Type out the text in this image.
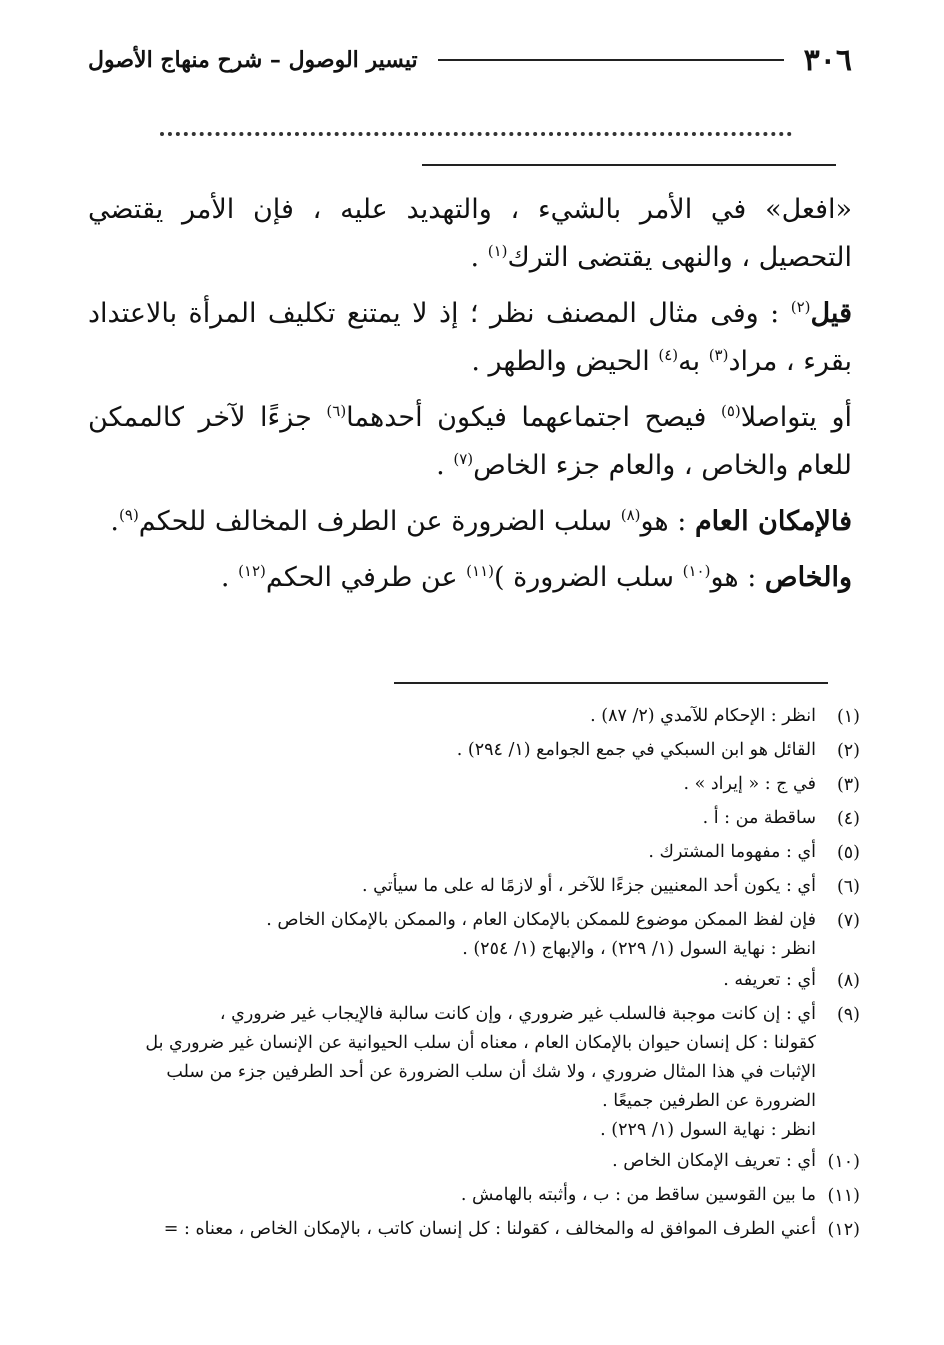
٣٠٦
تيسير الوصول – شرح منهاج الأصول

«افعل» في الأمر بالشيء ، والتهديد عليه ، فإن الأمر يقتضي التحصيل ، والنهى يقتضى الترك$^{(١)}$ .

قيل$^{(٢)}$ : وفى مثال المصنف نظر ؛ إذ لا يمتنع تكليف المرأة بالاعتداد بقرء ، مراد$^{(٣)}$ به$^{(٤)}$ الحيض والطهر .

أو يتواصلا$^{(٥)}$ فيصح اجتماعهما فيكون أحدهما$^{(٦)}$ جزءًا لآخر كالممكن للعام والخاص ، والعام جزء الخاص$^{(٧)}$ .

فالإمكان العام : هو$^{(٨)}$ سلب الضرورة عن الطرف المخالف للحكم$^{(٩)}$.

والخاص : هو$^{(١٠)}$ سلب الضرورة )$^{(١١)}$ عن طرفي الحكم$^{(١٢)}$ .

(١)
انظر : الإحكام للآمدي (٢/ ٨٧) .
(٢)
القائل هو ابن السبكي في جمع الجوامع (١/ ٢٩٤) .
(٣)
في ج : « إيراد » .
(٤)
ساقطة من : أ .
(٥)
أي : مفهوما المشترك .
(٦)
أي : يكون أحد المعنيين جزءًا للآخر ، أو لازمًا له على ما سيأتي .
(٧)
فإن لفظ الممكن موضوع للممكن بالإمكان العام ، والممكن بالإمكان الخاص .
انظر : نهاية السول (١/ ٢٢٩) ، والإبهاج (١/ ٢٥٤) .
(٨)
أي : تعريفه .
(٩)
أي : إن كانت موجبة فالسلب غير ضروري ، وإن كانت سالبة فالإيجاب غير ضروري ،
كقولنا : كل إنسان حيوان بالإمكان العام ، معناه أن سلب الحيوانية عن الإنسان غير ضروري بل
الإثبات في هذا المثال ضروري ، ولا شك أن سلب الضرورة عن أحد الطرفين جزء من سلب
الضرورة عن الطرفين جميعًا .
انظر : نهاية السول (١/ ٢٢٩) .
(١٠)
أي : تعريف الإمكان الخاص .
(١١)
ما بين القوسين ساقط من : ب ، وأثبته بالهامش .
(١٢)
أعني الطرف الموافق له والمخالف ، كقولنا : كل إنسان كاتب ، بالإمكان الخاص ، معناه : =
